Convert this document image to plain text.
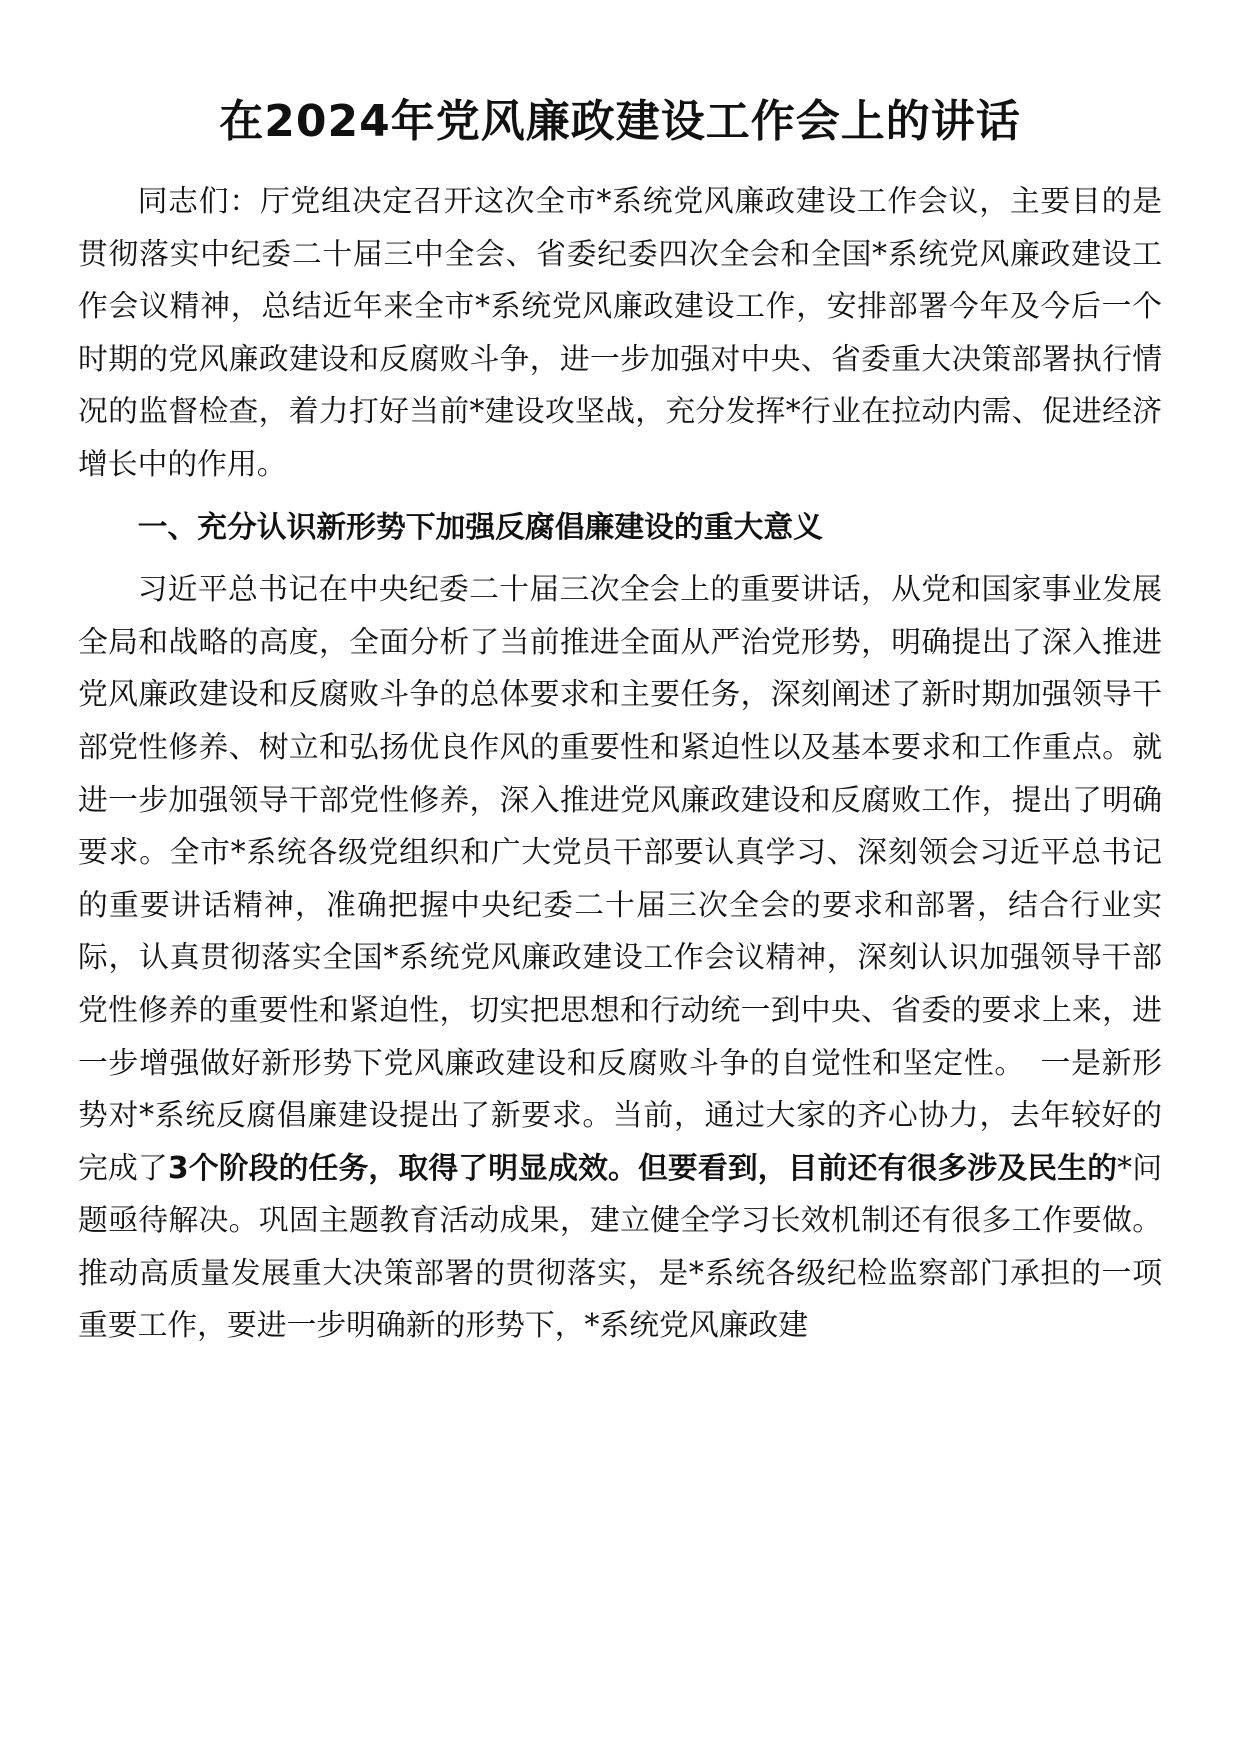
在2024年党风廉政建设工作会上的讲话

同志们：厅党组决定召开这次全市*系统党风廉政建设工作会议，主要目的是贯彻落实中纪委二十届三中全会、省委纪委四次全会和全国*系统党风廉政建设工作会议精神，总结近年来全市*系统党风廉政建设工作，安排部署今年及今后一个时期的党风廉政建设和反腐败斗争，进一步加强对中央、省委重大决策部署执行情况的监督检查，着力打好当前*建设攻坚战，充分发挥*行业在拉动内需、促进经济增长中的作用。

一、充分认识新形势下加强反腐倡廉建设的重大意义

习近平总书记在中央纪委二十届三次全会上的重要讲话，从党和国家事业发展全局和战略的高度，全面分析了当前推进全面从严治党形势，明确提出了深入推进党风廉政建设和反腐败斗争的总体要求和主要任务，深刻阐述了新时期加强领导干部党性修养、树立和弘扬优良作风的重要性和紧迫性以及基本要求和工作重点。就进一步加强领导干部党性修养，深入推进党风廉政建设和反腐败工作，提出了明确要求。全市*系统各级党组织和广大党员干部要认真学习、深刻领会习近平总书记的重要讲话精神，准确把握中央纪委二十届三次全会的要求和部署，结合行业实际，认真贯彻落实全国*系统党风廉政建设工作会议精神，深刻认识加强领导干部党性修养的重要性和紧迫性，切实把思想和行动统一到中央、省委的要求上来，进一步增强做好新形势下党风廉政建设和反腐败斗争的自觉性和坚定性。　一是新形势对*系统反腐倡廉建设提出了新要求。当前，通过大家的齐心协力，去年较好的完成了3个阶段的任务，取得了明显成效。但要看到，目前还有很多涉及民生的*问题亟待解决。巩固主题教育活动成果，建立健全学习长效机制还有很多工作要做。推动高质量发展重大决策部署的贯彻落实，是*系统各级纪检监察部门承担的一项重要工作，要进一步明确新的形势下，*系统党风廉政建
